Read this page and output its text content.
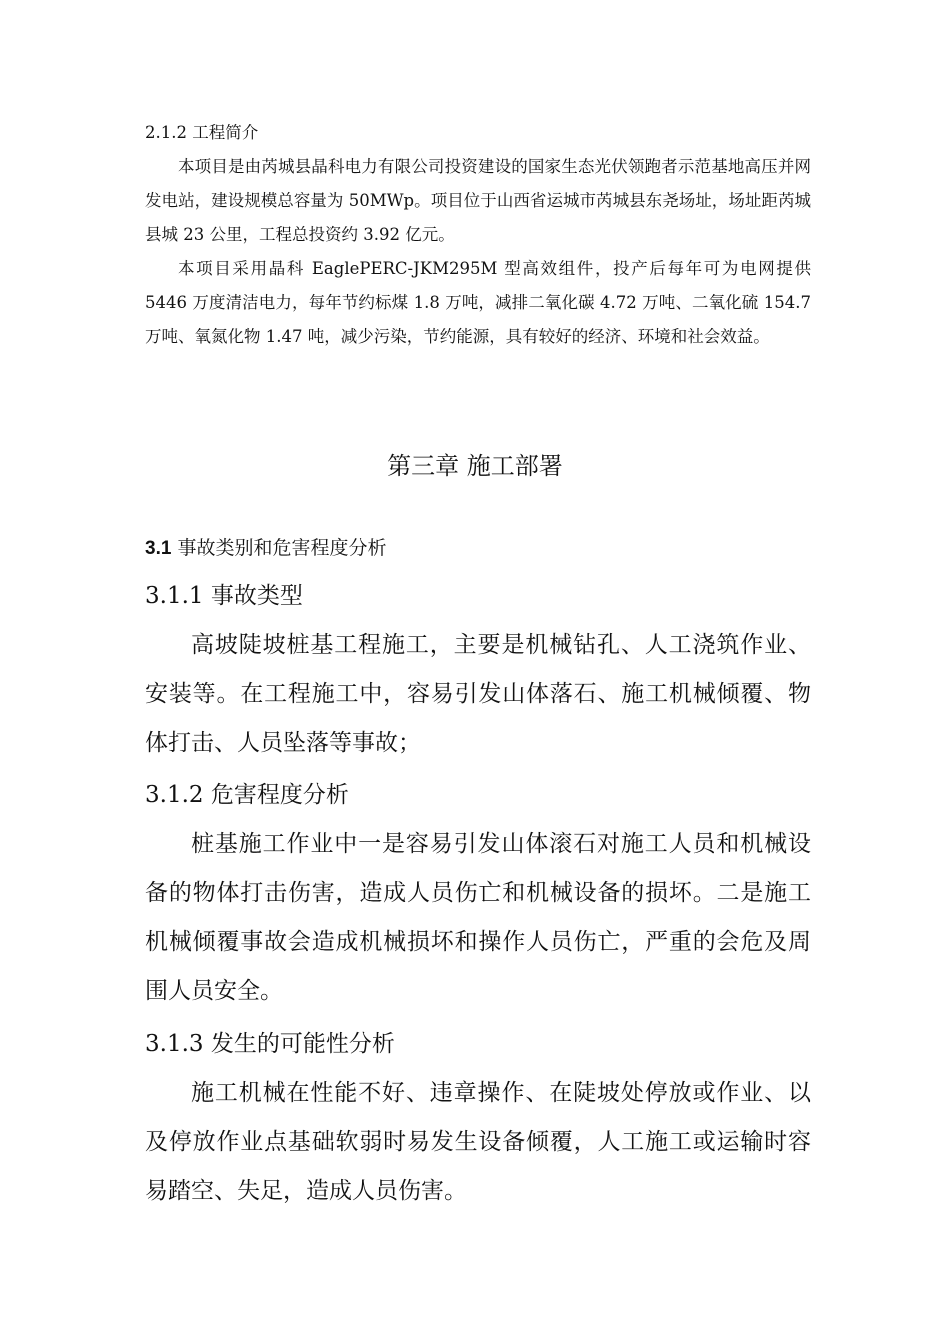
2.1.2 工程简介
本项目是由芮城县晶科电力有限公司投资建设的国家生态光伏领跑者示范基地高压并网发电站，建设规模总容量为 50MWp。项目位于山西省运城市芮城县东尧场址，场址距芮城县城 23 公里，工程总投资约 3.92 亿元。
本项目采用晶科 EaglePERC-JKM295M 型高效组件，投产后每年可为电网提供 5446 万度清洁电力，每年节约标煤 1.8 万吨，减排二氧化碳 4.72 万吨、二氧化硫 154.7 万吨、氧氮化物 1.47 吨，减少污染，节约能源，具有较好的经济、环境和社会效益。
第三章 施工部署
3.1 事故类别和危害程度分析
3.1.1 事故类型
高坡陡坡桩基工程施工，主要是机械钻孔、人工浇筑作业、安装等。在工程施工中，容易引发山体落石、施工机械倾覆、物体打击、人员坠落等事故；
3.1.2 危害程度分析
桩基施工作业中一是容易引发山体滚石对施工人员和机械设备的物体打击伤害，造成人员伤亡和机械设备的损坏。二是施工机械倾覆事故会造成机械损坏和操作人员伤亡，严重的会危及周围人员安全。
3.1.3 发生的可能性分析
施工机械在性能不好、违章操作、在陡坡处停放或作业、以及停放作业点基础软弱时易发生设备倾覆，人工施工或运输时容易踏空、失足，造成人员伤害。
